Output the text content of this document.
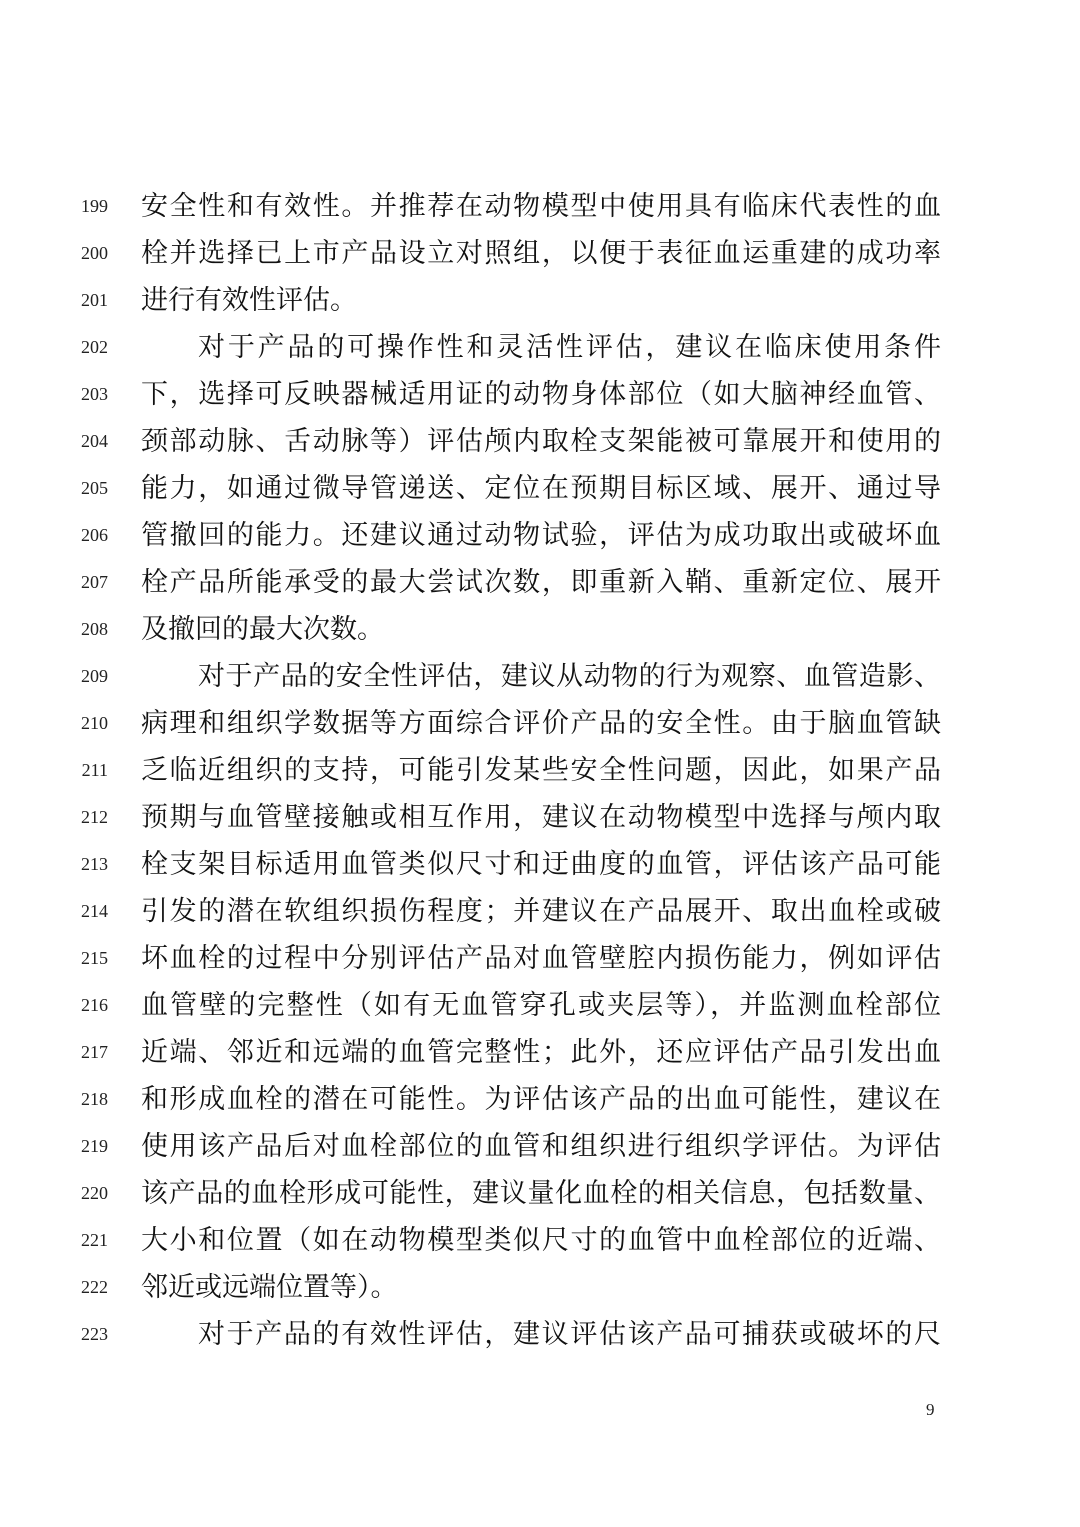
199 安全性和有效性。并推荐在动物模型中使用具有临床代表性的血
200 栓并选择已上市产品设立对照组，以便于表征血运重建的成功率
201 进行有效性评估。
202	对于产品的可操作性和灵活性评估，建议在临床使用条件
203 下，选择可反映器械适用证的动物身体部位（如大脑神经血管、
204 颈部动脉、舌动脉等）评估颅内取栓支架能被可靠展开和使用的
205 能力，如通过微导管递送、定位在预期目标区域、展开、通过导
206 管撤回的能力。还建议通过动物试验，评估为成功取出或破坏血
207 栓产品所能承受的最大尝试次数，即重新入鞘、重新定位、展开
208 及撤回的最大次数。
209	对于产品的安全性评估，建议从动物的行为观察、血管造影、
210 病理和组织学数据等方面综合评价产品的安全性。由于脑血管缺
211 乏临近组织的支持，可能引发某些安全性问题，因此，如果产品
212 预期与血管壁接触或相互作用，建议在动物模型中选择与颅内取
213 栓支架目标适用血管类似尺寸和迂曲度的血管，评估该产品可能
214 引发的潜在软组织损伤程度；并建议在产品展开、取出血栓或破
215 坏血栓的过程中分别评估产品对血管壁腔内损伤能力，例如评估
216 血管壁的完整性（如有无血管穿孔或夹层等），并监测血栓部位
217 近端、邻近和远端的血管完整性；此外，还应评估产品引发出血
218 和形成血栓的潜在可能性。为评估该产品的出血可能性，建议在
219 使用该产品后对血栓部位的血管和组织进行组织学评估。为评估
220 该产品的血栓形成可能性，建议量化血栓的相关信息，包括数量、
221 大小和位置（如在动物模型类似尺寸的血管中血栓部位的近端、
222 邻近或远端位置等）。
223	对于产品的有效性评估，建议评估该产品可捕获或破坏的尺
9
